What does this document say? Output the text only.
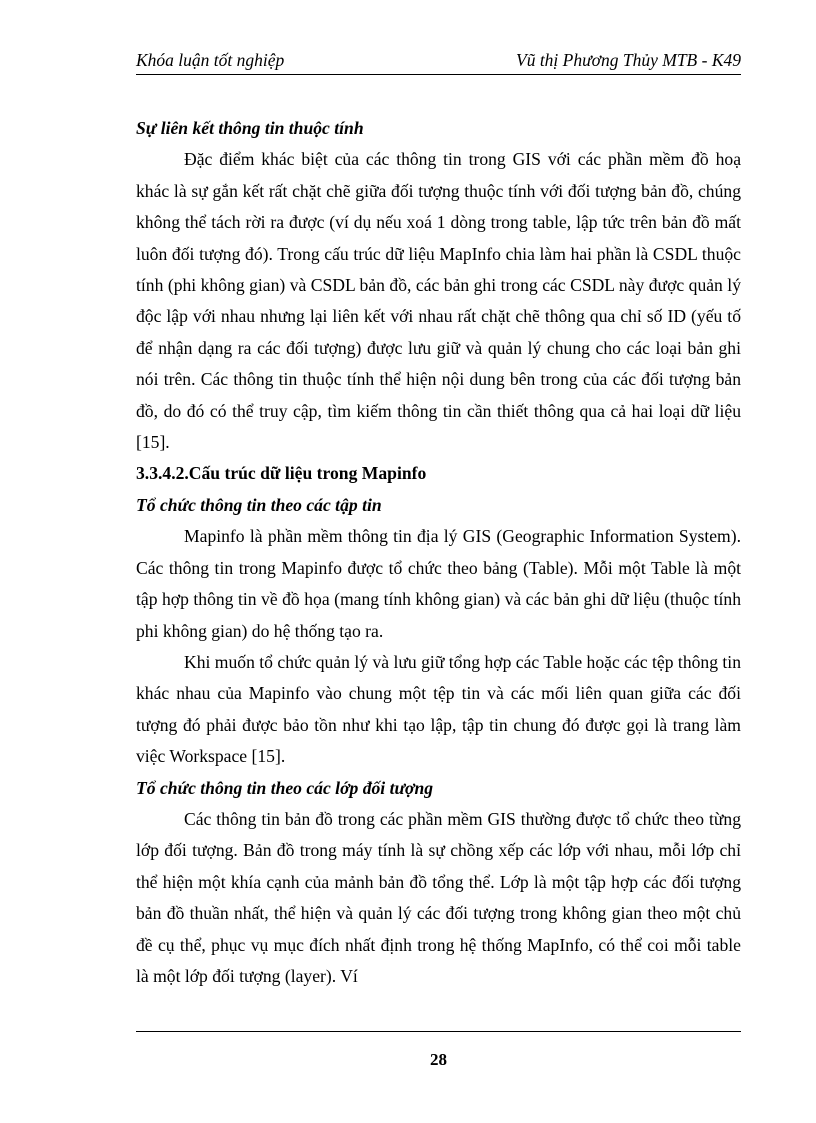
Khóa luận tốt nghiệp	Vũ thị Phương Thủy MTB - K49

Sự liên kết thông tin thuộc tính

Đặc điểm khác biệt của các thông tin trong GIS với các phần mềm đồ hoạ khác là sự gắn kết rất chặt chẽ giữa đối tượng thuộc tính với đối tượng bản đồ, chúng không thể tách rời ra được (ví dụ nếu xoá 1 dòng trong table, lập tức trên bản đồ mất luôn đối tượng đó). Trong cấu trúc dữ liệu MapInfo chia làm hai phần là CSDL thuộc tính (phi không gian) và CSDL bản đồ, các bản ghi trong các CSDL này được quản lý độc lập với nhau nhưng lại liên kết với nhau rất chặt chẽ thông qua chỉ số ID (yếu tố để nhận dạng ra các đối tượng) được lưu giữ và quản lý chung cho các loại bản ghi nói trên. Các thông tin thuộc tính thể hiện nội dung bên trong của các đối tượng bản đồ, do đó có thể truy cập, tìm kiếm thông tin cần thiết thông qua cả hai loại dữ liệu [15].

3.3.4.2.Cấu trúc dữ liệu trong Mapinfo

Tổ chức thông tin theo các tập tin

Mapinfo là phần mềm thông tin địa lý GIS (Geographic Information System). Các thông tin trong Mapinfo được tổ chức theo bảng (Table). Mỗi một Table là một tập hợp thông tin về đồ họa (mang tính không gian) và các bản ghi dữ liệu (thuộc tính phi không gian) do hệ thống tạo ra.

Khi muốn tổ chức quản lý và lưu giữ tổng hợp các Table hoặc các tệp thông tin khác nhau của Mapinfo vào chung một tệp tin và các mối liên quan giữa các đối tượng đó phải được bảo tồn như khi tạo lập, tập tin chung đó được gọi là trang làm việc Workspace [15].

Tổ chức thông tin theo các lớp đối tượng

Các thông tin bản đồ trong các phần mềm GIS thường được tổ chức theo từng lớp đối tượng. Bản đồ trong máy tính là sự chồng xếp các lớp với nhau, mỗi lớp chỉ thể hiện một khía cạnh của mảnh bản đồ tổng thể. Lớp là một tập hợp các đối tượng bản đồ thuần nhất, thể hiện và quản lý các đối tượng trong không gian theo một chủ đề cụ thể, phục vụ mục đích nhất định trong hệ thống MapInfo, có thể coi mỗi table là một lớp đối tượng (layer). Ví

28
